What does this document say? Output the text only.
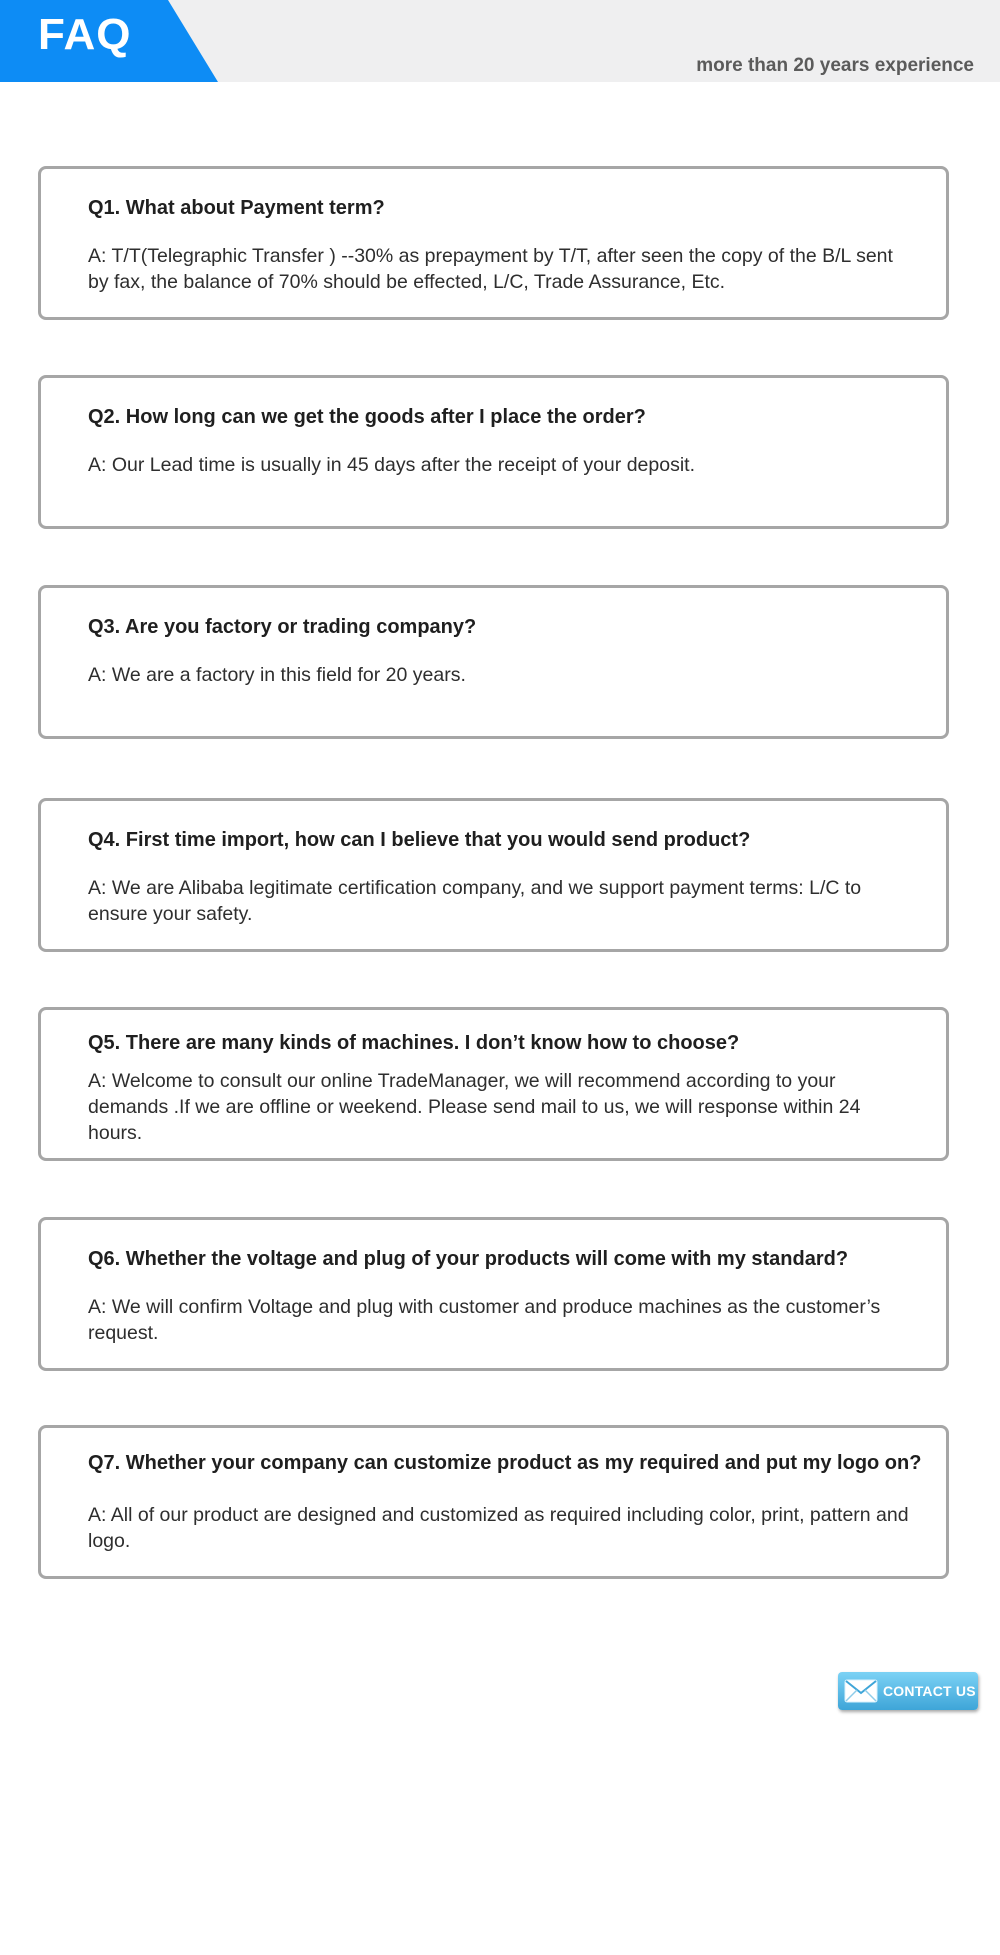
FAQ
more than 20 years experience
Q1. What about Payment term?
A: T/T(Telegraphic Transfer ) --30% as prepayment by T/T, after seen the copy of the B/L sent by fax, the balance of 70% should be effected, L/C, Trade Assurance, Etc.
Q2. How long can we get the goods after I place the order?
A: Our Lead time is usually in 45 days after the receipt of your deposit.
Q3. Are you factory or trading company?
A: We are a factory in this field for 20 years.
Q4. First time import, how can I believe that you would send product?
A: We are Alibaba legitimate certification company, and we support payment terms: L/C to ensure your safety.
Q5. There are many kinds of machines. I don’t know how to choose?
A: Welcome to consult our online TradeManager, we will recommend according to your demands .If we are offline or weekend. Please send mail to us, we will response within 24 hours.
Q6. Whether the voltage and plug of your products will come with my standard?
A: We will confirm Voltage and plug with customer and produce machines as the customer’s request.
Q7. Whether your company can customize product as my required and put my logo on?
A: All of our product are designed and customized as required including color, print, pattern and logo.
CONTACT US
